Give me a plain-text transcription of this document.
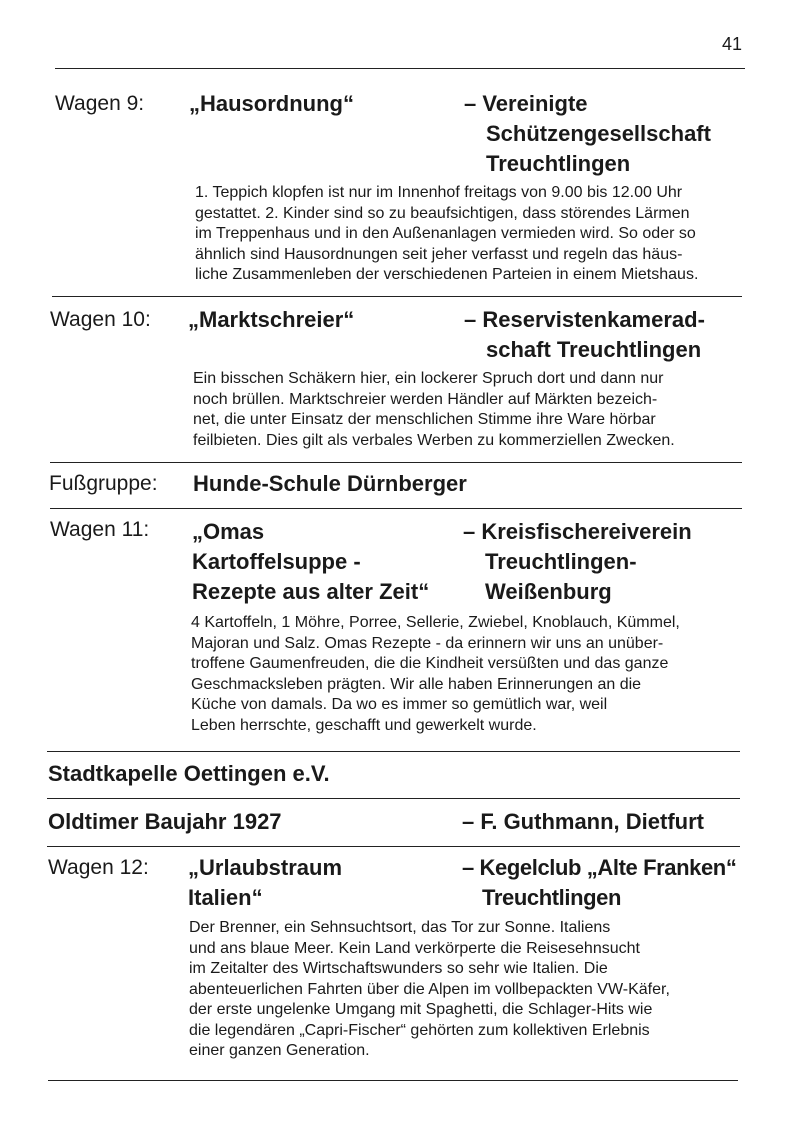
41
Wagen 9: „Hausordnung“	– Vereinigte
Schützengesellschaft
Treuchtlingen
1. Teppich klopfen ist nur im Innenhof freitags von 9.00 bis 12.00 Uhr
gestattet. 2. Kinder sind so zu beaufsichtigen, dass störendes Lärmen
im Treppenhaus und in den Außenanlagen vermieden wird. So oder so
ähnlich sind Hausordnungen seit jeher verfasst und regeln das häus-
liche Zusammenleben der verschiedenen Parteien in einem Mietshaus.
Wagen 10: „Marktschreier“	– Reservistenkamerad-
schaft Treuchtlingen
Ein bisschen Schäkern hier, ein lockerer Spruch dort und dann nur
noch brüllen. Marktschreier werden Händler auf Märkten bezeich-
net, die unter Einsatz der menschlichen Stimme ihre Ware hörbar
feilbieten. Dies gilt als verbales Werben zu kommerziellen Zwecken.
Fußgruppe: Hunde-Schule Dürnberger
Wagen 11: „Omas
Kartoffelsuppe -
Rezepte aus alter Zeit“
– Kreisfischereiverein
Treuchtlingen-
Weißenburg
4 Kartoffeln, 1 Möhre, Porree, Sellerie, Zwiebel, Knoblauch, Kümmel,
Majoran und Salz. Omas Rezepte - da erinnern wir uns an unüber-
troffene Gaumenfreuden, die die Kindheit versüßten und das ganze
Geschmacksleben prägten. Wir alle haben Erinnerungen an die
Küche von damals. Da wo es immer so gemütlich war, weil
Leben herrschte, geschafft und gewerkelt wurde.
Stadtkapelle Oettingen e.V.
Oldtimer Baujahr 1927	– F. Guthmann, Dietfurt
Wagen 12: „Urlaubstraum
Italien“
– Kegelclub „Alte Franken“
Treuchtlingen
Der Brenner, ein Sehnsuchtsort, das Tor zur Sonne. Italiens
und ans blaue Meer. Kein Land verkörperte die Reisesehnsucht
im Zeitalter des Wirtschaftswunders so sehr wie Italien. Die
abenteuerlichen Fahrten über die Alpen im vollbepackten VW-Käfer,
der erste ungelenke Umgang mit Spaghetti, die Schlager-Hits wie
die legendären „Capri-Fischer“ gehörten zum kollektiven Erlebnis
einer ganzen Generation.
